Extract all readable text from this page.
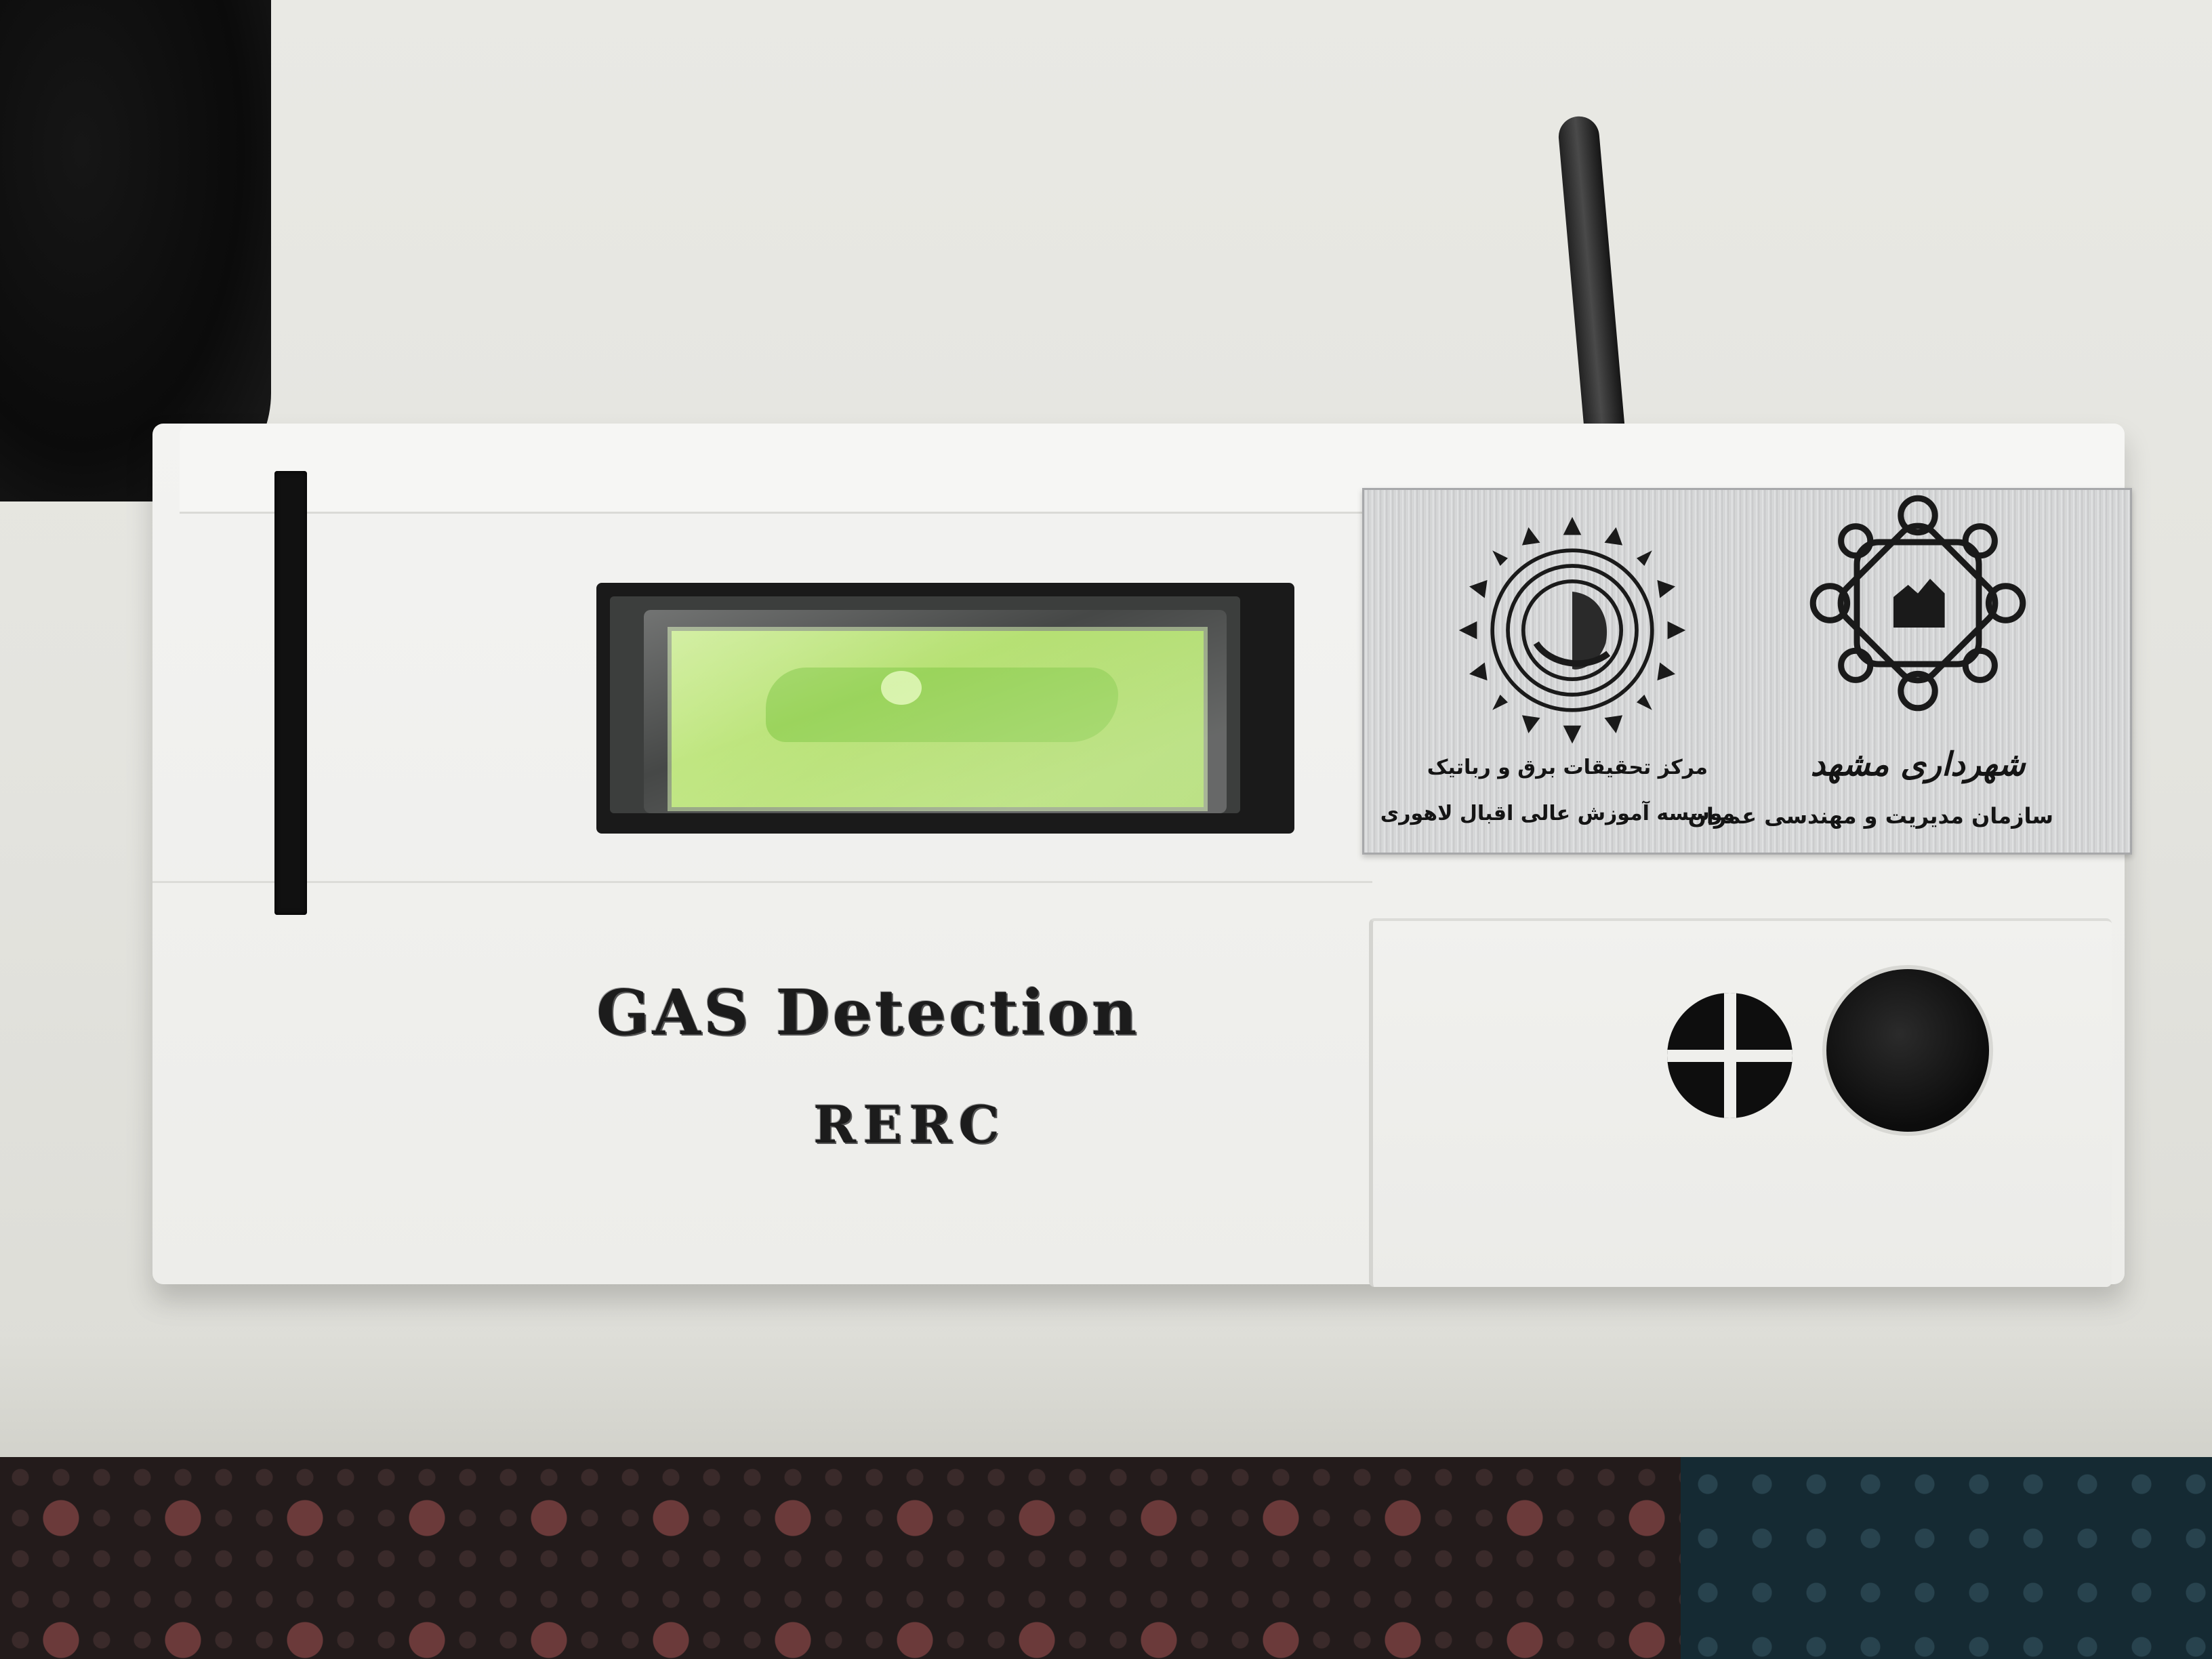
مرکز تحقیقات برق و رباتیک
موسسه آموزش عالی اقبال لاهوری
شهرداری مشهد
سازمان مدیریت و مهندسی عمران
GAS Detection
RERC
